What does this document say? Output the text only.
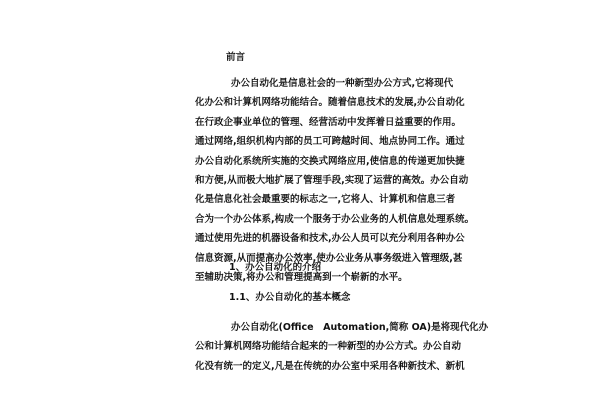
前言
办公自动化是信息社会的一种新型办公方式,它将现代
化办公和计算机网络功能结合。随着信息技术的发展,办公自动化
在行政企事业单位的管理、经营活动中发挥着日益重要的作用。
通过网络,组织机构内部的员工可跨越时间、地点协同工作。通过
办公自动化系统所实施的交换式网络应用,使信息的传递更加快捷
和方便,从而极大地扩展了管理手段,实现了运营的高效。办公自动
化是信息化社会最重要的标志之一,它将人、计算机和信息三者
合为一个办公体系,构成一个服务于办公业务的人机信息处理系统。
通过使用先进的机器设备和技术,办公人员可以充分利用各种办公
信息资源,从而提高办公效率,使办公业务从事务级进入管理级,甚
至辅助决策,将办公和管理提高到一个崭新的水平。
1、办公自动化的介绍
1.1、办公自动化的基本概念
办公自动化(Office　Automation,简称 OA)是将现代化办
公和计算机网络功能结合起来的一种新型的办公方式。办公自动
化没有统一的定义,凡是在传统的办公室中采用各种新技术、新机
